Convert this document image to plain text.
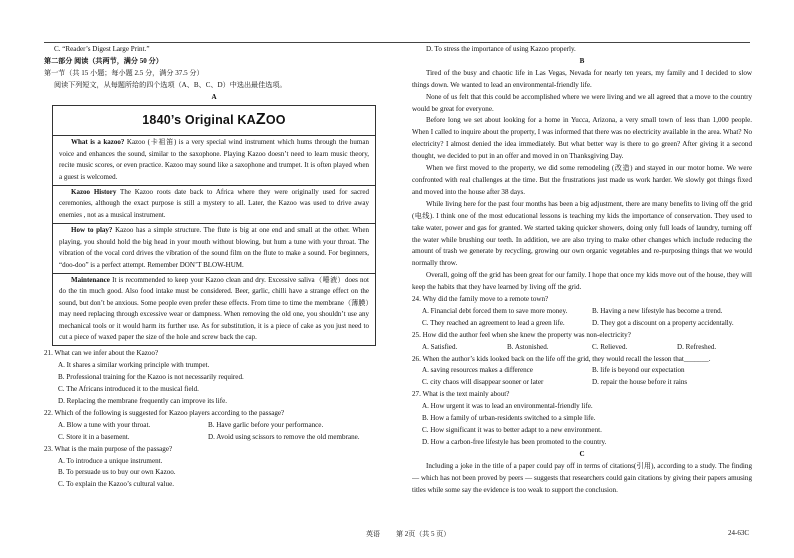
C. “Reader’s Digest Large Print.”
第二部分 阅读（共两节，满分 50 分）
第一节（共 15 小题；每小题 2.5 分，满分 37.5 分）
阅读下列短文，从每题所给的四个选项（A、B、C、D）中选出最佳选项。
A
1840’s Original KAZOO
What is a kazoo? Kazoo (卡祖笛) is a very special wind instrument which hums through the human voice and enhances the sound, similar to the saxophone. Playing Kazoo doesn’t need to learn music theory, recite music scores, or even practice. Kazoo may sound like a saxophone and trumpet. It is often played when a guest is welcomed.
Kazoo History The Kazoo roots date back to Africa where they were originally used for sacred ceremonies, although the exact purpose is still a mystery to all. Later, the Kazoo was used to drive away enemies , not as a musical instrument.
How to play? Kazoo has a simple structure. The flute is big at one end and small at the other. When playing, you should hold the big head in your mouth without blowing, but hum a tune with your throat. The vibration of the vocal cord drives the vibration of the sound film on the flute to make a sound. For beginners, “doo-doo” is a perfect attempt. Remember DON’T BLOW-HUM.
Maintenance It is recommended to keep your Kazoo clean and dry. Excessive saliva（唾液）does not do the tin much good. Also food intake must be considered. Beer, garlic, chilli have a strange effect on the sound, but don’t be anxious. Some people even prefer these effects. From time to time the membrane（薄膜）may need replacing through excessive wear or dampness. When removing the old one, you shouldn’t use any mechanical tools or it would harm its further use. As for substitution, it is a piece of cake as you just need to cut a piece of waxed paper the size of the hole and screw back the cap.
21. What can we infer about the Kazoo?
A. It shares a similar working principle with trumpet.
B. Professional training for the Kazoo is not necessarily required.
C. The Africans introduced it to the musical field.
D. Replacing the membrane frequently can improve its life.
22. Which of the following is suggested for Kazoo players according to the passage?
A. Blow a tune with your throat.	B. Have garlic before your performance.
C. Store it in a basement.	D. Avoid using scissors to remove the old membrane.
23. What is the main purpose of the passage?
A. To introduce a unique instrument.
B. To persuade us to buy our own Kazoo.
C. To explain the Kazoo’s cultural value.
D. To stress the importance of using Kazoo properly.
B
Tired of the busy and chaotic life in Las Vegas, Nevada for nearly ten years, my family and I decided to slow things down. We wanted to lead an environmental-friendly life.
None of us felt that this could be accomplished where we were living and we all agreed that a move to the country would be great for everyone.
Before long we set about looking for a home in Yucca, Arizona, a very small town of less than 1,000 people. When I called to inquire about the property, I was informed that there was no electricity available in the area. What? No electricity? I almost denied the idea immediately. But what better way is there to go green? After giving it a second thought, we decided to put in an offer and moved in on Thanksgiving Day.
When we first moved to the property, we did some remodeling (改造) and stayed in our motor home. We were confronted with real challenges at the time. But the frustrations just made us work harder. We slowly got things fixed and moved into the house after 38 days.
While living here for the past four months has been a big adjustment, there are many benefits to living off the grid (电线). I think one of the most educational lessons is teaching my kids the importance of conservation. They used to take water, power and gas for granted. We started taking quicker showers, doing only full loads of laundry, turning off the water while brushing our teeth. In addition, we are also trying to make other changes which include reducing the amount of trash we generate by recycling, growing our own organic vegetables and re-purposing things that we would normally throw.
Overall, going off the grid has been great for our family. I hope that once my kids move out of the house, they will keep the habits that they have learned by living off the grid.
24. Why did the family move to a remote town?
A. Financial debt forced them to save more money.	B. Having a new lifestyle has become a trend.
C. They reached an agreement to lead a green life.	D. They got a discount on a property accidentally.
25. How did the author feel when she knew the property was non-electricity?
A. Satisfied.	B. Astonished.	C. Relieved.	D. Refreshed.
26. When the author’s kids looked back on the life off the grid, they would recall the lesson that_______.
A. saving resources makes a difference	B. life is beyond our expectation
C. city chaos will disappear sooner or later	D. repair the house before it rains
27. What is the text mainly about?
A. How urgent it was to lead an environmental-friendly life.
B. How a family of urban-residents switched to a simple life.
C. How significant it was to better adapt to a new environment.
D. How a carbon-free lifestyle has been promoted to the country.
C
Including a joke in the title of a paper could pay off in terms of citations(引用), according to a study. The finding — which has not been proved by peers — suggests that researchers could gain citations by giving their papers amusing titles while some say the evidence is too weak to support the conclusion.
英语 第 2页（共 5 页）	24-63C
